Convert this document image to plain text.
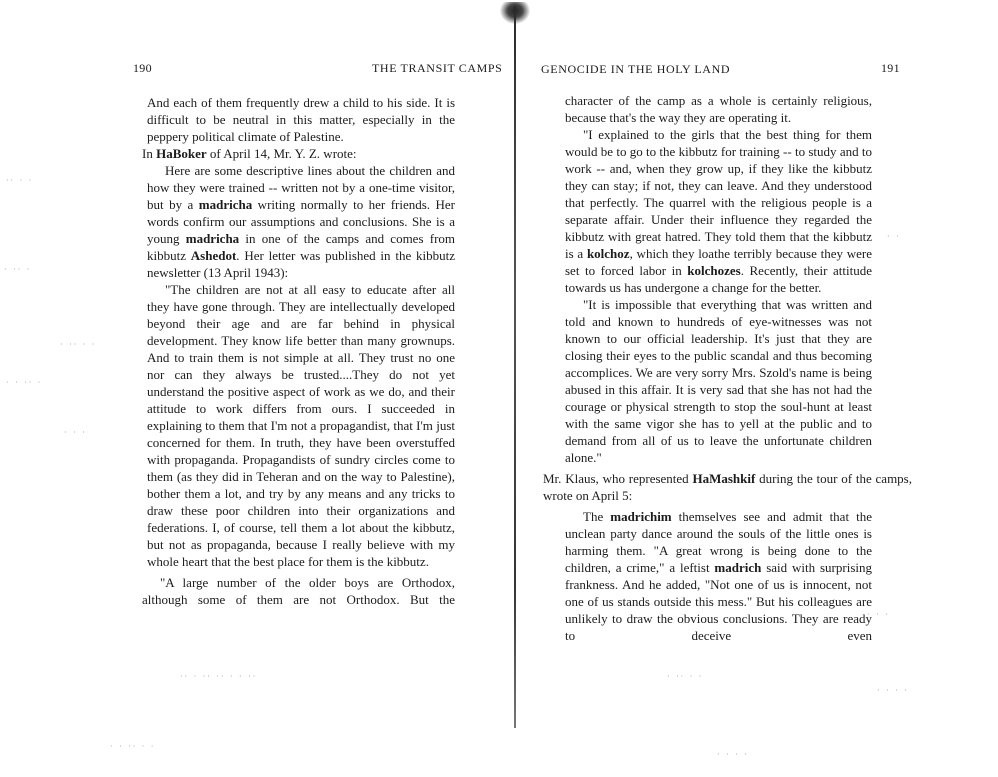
190	THE TRANSIT CAMPS

And each of them frequently drew a child to his side. It is difficult to be neutral in this matter, especially in the peppery political climate of Palestine.

In HaBoker of April 14, Mr. Y. Z. wrote:

Here are some descriptive lines about the children and how they were trained -- written not by a one-time visitor, but by a madricha writing normally to her friends. Her words confirm our assumptions and conclusions. She is a young madricha in one of the camps and comes from kibbutz Ashedot. Her letter was published in the kibbutz newsletter (13 April 1943):

"The children are not at all easy to educate after all they have gone through. They are intellectually developed beyond their age and are far behind in physical development. They know life better than many grownups. And to train them is not simple at all. They trust no one nor can they always be trusted....They do not yet understand the positive aspect of work as we do, and their attitude to work differs from ours. I succeeded in explaining to them that I'm not a propagandist, that I'm just concerned for them. In truth, they have been overstuffed with propaganda. Propagandists of sundry circles come to them (as they did in Teheran and on the way to Palestine), bother them a lot, and try by any means and any tricks to draw these poor children into their organizations and federations. I, of course, tell them a lot about the kibbutz, but not as propaganda, because I really believe with my whole heart that the best place for them is the kibbutz.

"A large number of the older boys are Orthodox, although some of them are not Orthodox. But the

·· · ·
· ·· ·
· ·· · ·
· · ·· ·
· · ·
·· · ·· ·· · · ··
· · ·· · ·
GENOCIDE IN THE HOLY LAND	191

character of the camp as a whole is certainly religious, because that's the way they are operating it.

"I explained to the girls that the best thing for them would be to go to the kibbutz for training -- to study and to work -- and, when they grow up, if they like the kibbutz they can stay; if not, they can leave. And they understood that perfectly. The quarrel with the religious people is a separate affair. Under their influence they regarded the kibbutz with great hatred. They told them that the kibbutz is a kolchoz, which they loathe terribly because they were set to forced labor in kolchozes. Recently, their attitude towards us has undergone a change for the better.

"It is impossible that everything that was written and told and known to hundreds of eye-witnesses was not known to our official leadership. It's just that they are closing their eyes to the public scandal and thus becoming accomplices. We are very sorry Mrs. Szold's name is being abused in this affair. It is very sad that she has not had the courage or physical strength to stop the soul-hunt at least with the same vigor she has to yell at the public and to demand from all of us to leave the unfortunate children alone."

Mr. Klaus, who represented HaMashkif during the tour of the camps, wrote on April 5:

The madrichim themselves see and admit that the unclean party dance around the souls of the little ones is harming them. "A great wrong is being done to the children, a crime," a leftist madrich said with surprising frankness. And he added, "Not one of us is innocent, not one of us stands outside this mess." But his colleagues are unlikely to draw the obvious conclusions. They are ready to deceive even

· ·
· · ·
· ·· · ·
· · · ·
· · · ·
